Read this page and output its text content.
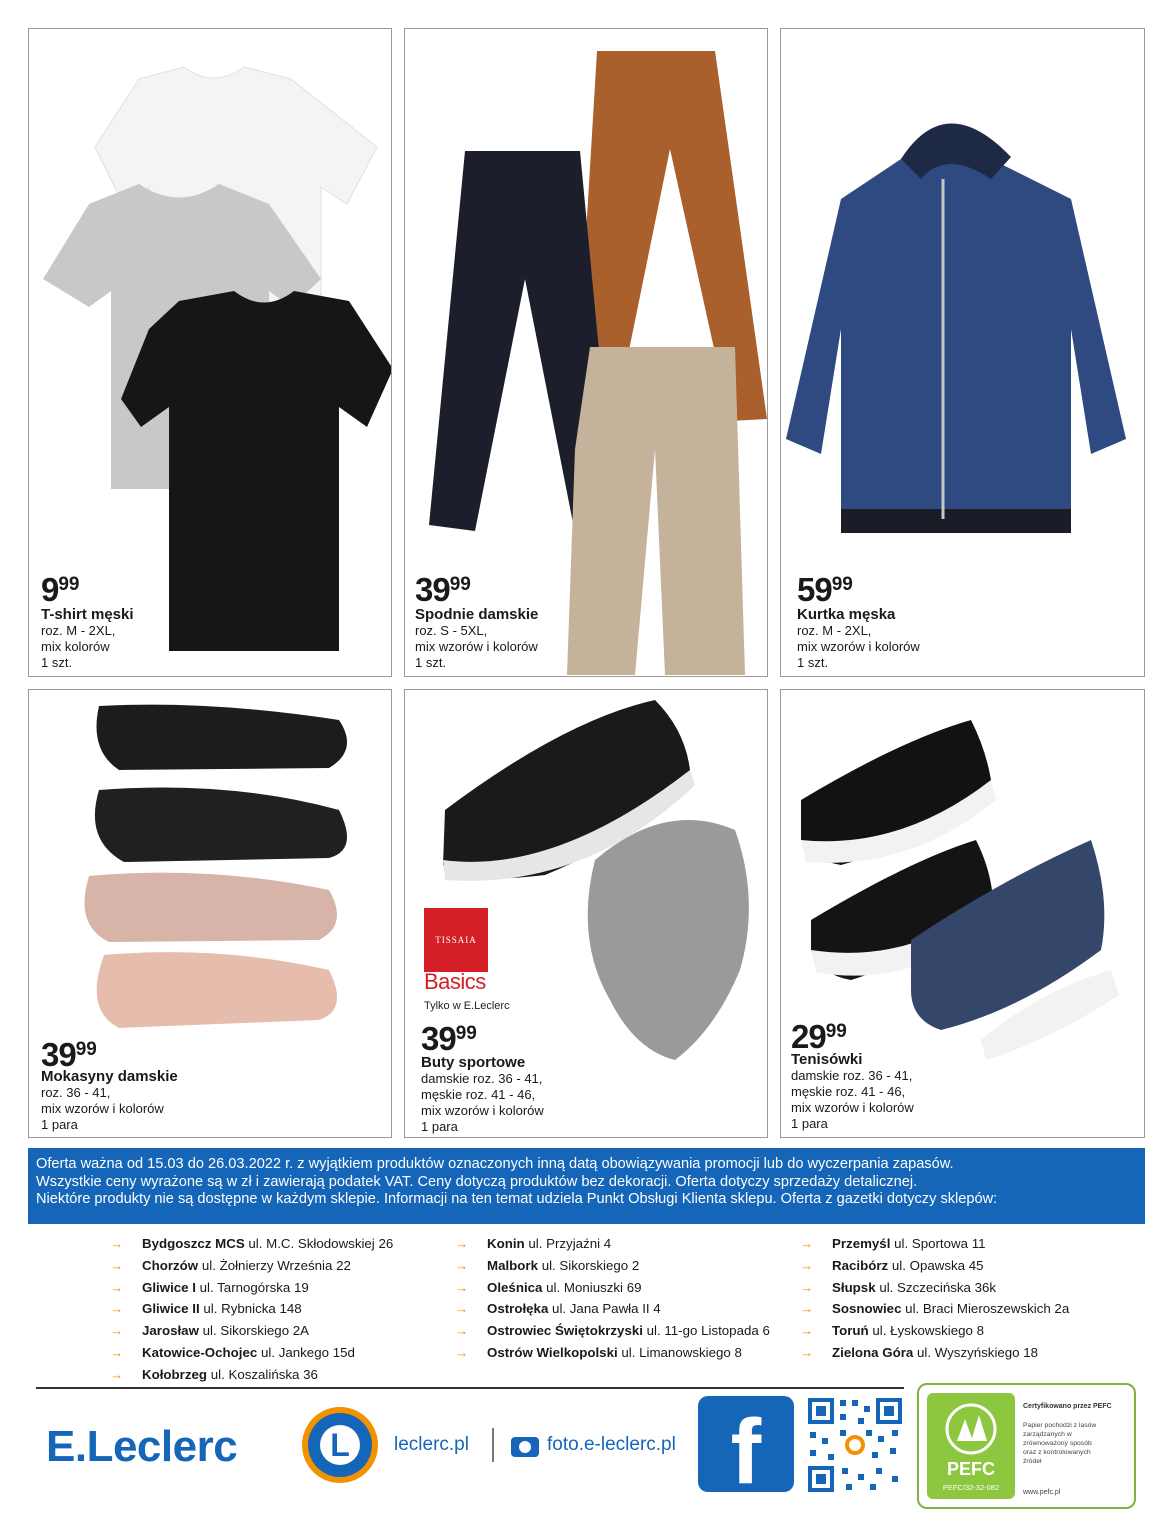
999
T-shirt męski
roz. M - 2XL,
mix kolorów
1 szt.
3999
Spodnie damskie
roz. S - 5XL,
mix wzorów i kolorów
1 szt.
5999
Kurtka męska
roz. M - 2XL,
mix wzorów i kolorów
1 szt.
3999
Mokasyny damskie
roz. 36 - 41,
mix wzorów i kolorów
1 para
3999
Buty sportowe
damskie roz. 36 - 41,
męskie roz. 41 - 46,
mix wzorów i kolorów
1 para
2999
Tenisówki
damskie roz. 36 - 41,
męskie roz. 41 - 46,
mix wzorów i kolorów
1 para
TISSAIA
Basics
Tylko w E.Leclerc
Oferta ważna od 15.03 do 26.03.2022 r. z wyjątkiem produktów oznaczonych inną datą obowiązywania promocji lub do wyczerpania zapasów.
Wszystkie ceny wyrażone są w zł i zawierają podatek VAT. Ceny dotyczą produktów bez dekoracji. Oferta dotyczy sprzedaży detalicznej.
Niektóre produkty nie są dostępne w każdym sklepie. Informacji na ten temat udziela Punkt Obsługi Klienta sklepu. Oferta z gazetki dotyczy sklepów:
→ Bydgoszcz MCS ul. M.C. Skłodowskiej 26
→ Chorzów ul. Żołnierzy Września 22
→ Gliwice I ul. Tarnogórska 19
→ Gliwice II ul. Rybnicka 148
→ Jarosław ul. Sikorskiego 2A
→ Katowice-Ochojec ul. Jankego 15d
→ Kołobrzeg ul. Koszalińska 36
→ Konin ul. Przyjaźni 4
→ Malbork ul. Sikorskiego 2
→ Oleśnica ul. Moniuszki 69
→ Ostrołęka ul. Jana Pawła II 4
→ Ostrowiec Świętokrzyski ul. 11-go Listopada 6
→ Ostrów Wielkopolski ul. Limanowskiego 8
→ Przemyśl ul. Sportowa 11
→ Racibórz ul. Opawska 45
→ Słupsk ul. Szczecińska 36k
→ Sosnowiec ul. Braci Mieroszewskich 2a
→ Toruń ul. Łyskowskiego 8
→ Zielona Góra ul. Wyszyńskiego 18
E.Leclerc	L	leclerc.pl	foto.e-leclerc.pl f	PEFC
PEFC/32-32-082
Certyfikowano przez PEFC
Papier pochodzi z lasów
zarządzanych w
zrównoważony sposób
oraz z kontrolowanych
źródeł
www.pefc.pl
